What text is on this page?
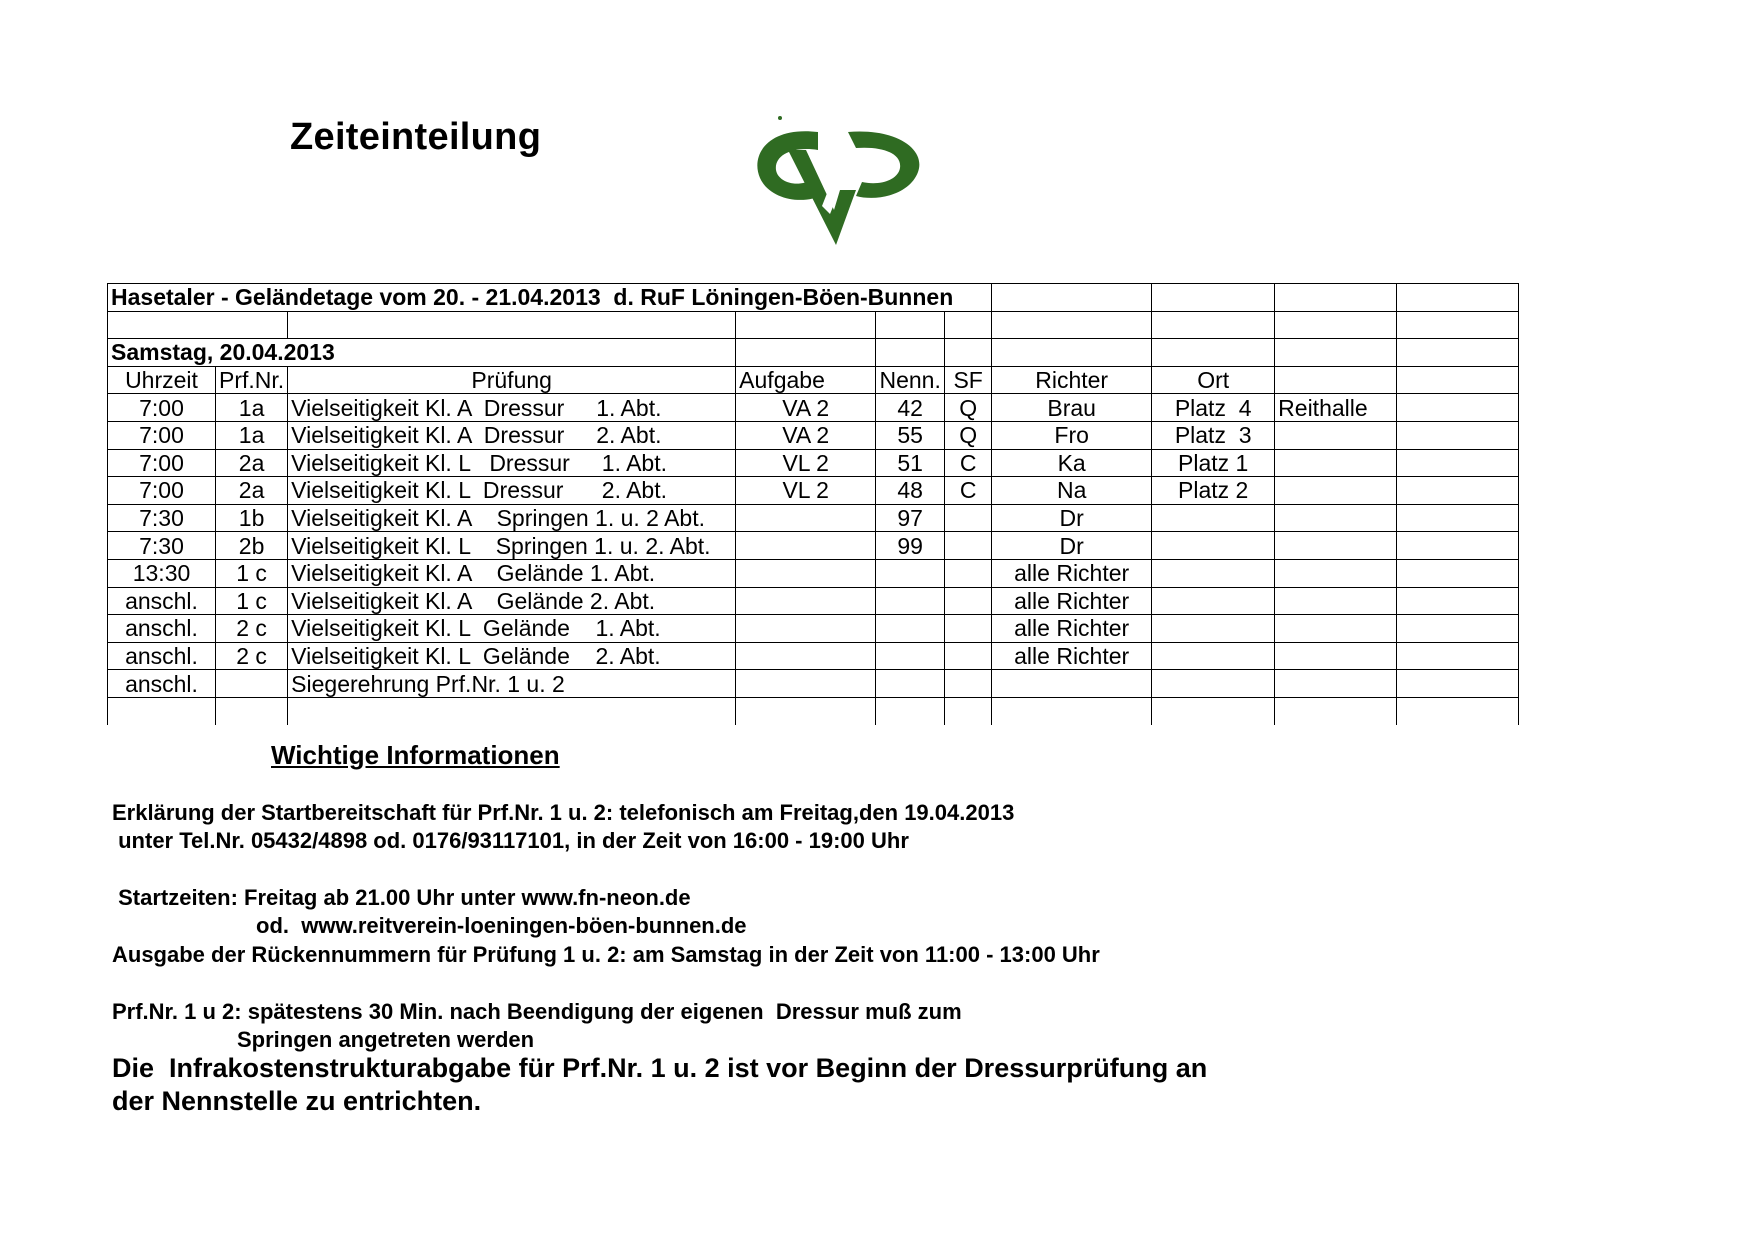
Zeiteinteilung
Hasetaler - Geländetage vom 20. - 21.04.2013  d. RuF Löningen-Böen-Bunnen									

Samstag, 20.04.2013									
Uhrzeit	Prf.Nr.	Prüfung	Aufgabe	Nenn.	SF	Richter	Ort		
7:00	1a	Vielseitigkeit Kl. A  Dressur     1. Abt.	VA 2	42	Q	Brau	Platz  4	Reithalle	
7:00	1a	Vielseitigkeit Kl. A  Dressur     2. Abt.	VA 2	55	Q	Fro	Platz  3		
7:00	2a	Vielseitigkeit Kl. L   Dressur     1. Abt.	VL 2	51	C	Ka	Platz 1		
7:00	2a	Vielseitigkeit Kl. L  Dressur      2. Abt.	VL 2	48	C	Na	Platz 2		
7:30	1b	Vielseitigkeit Kl. A    Springen 1. u. 2 Abt.		97		Dr			
7:30	2b	Vielseitigkeit Kl. L    Springen 1. u. 2. Abt.		99		Dr			
13:30	1 c	Vielseitigkeit Kl. A    Gelände 1. Abt.				alle Richter			
anschl.	1 c	Vielseitigkeit Kl. A    Gelände 2. Abt.				alle Richter			
anschl.	2 c	Vielseitigkeit Kl. L  Gelände    1. Abt.				alle Richter			
anschl.	2 c	Vielseitigkeit Kl. L  Gelände    2. Abt.				alle Richter			
anschl.		Siegerehrung Prf.Nr. 1 u. 2							

Wichtige Informationen
Erklärung der Startbereitschaft für Prf.Nr. 1 u. 2: telefonisch am Freitag,den 19.04.2013
unter Tel.Nr. 05432/4898 od. 0176/93117101, in der Zeit von 16:00 - 19:00 Uhr
Startzeiten: Freitag ab 21.00 Uhr unter www.fn-neon.de
od.  www.reitverein-loeningen-böen-bunnen.de
Ausgabe der Rückennummern für Prüfung 1 u. 2: am Samstag in der Zeit von 11:00 - 13:00 Uhr
Prf.Nr. 1 u 2: spätestens 30 Min. nach Beendigung der eigenen  Dressur muß zum
Springen angetreten werden
Die  Infrakostenstrukturabgabe für Prf.Nr. 1 u. 2 ist vor Beginn der Dressurprüfung an
der Nennstelle zu entrichten.
